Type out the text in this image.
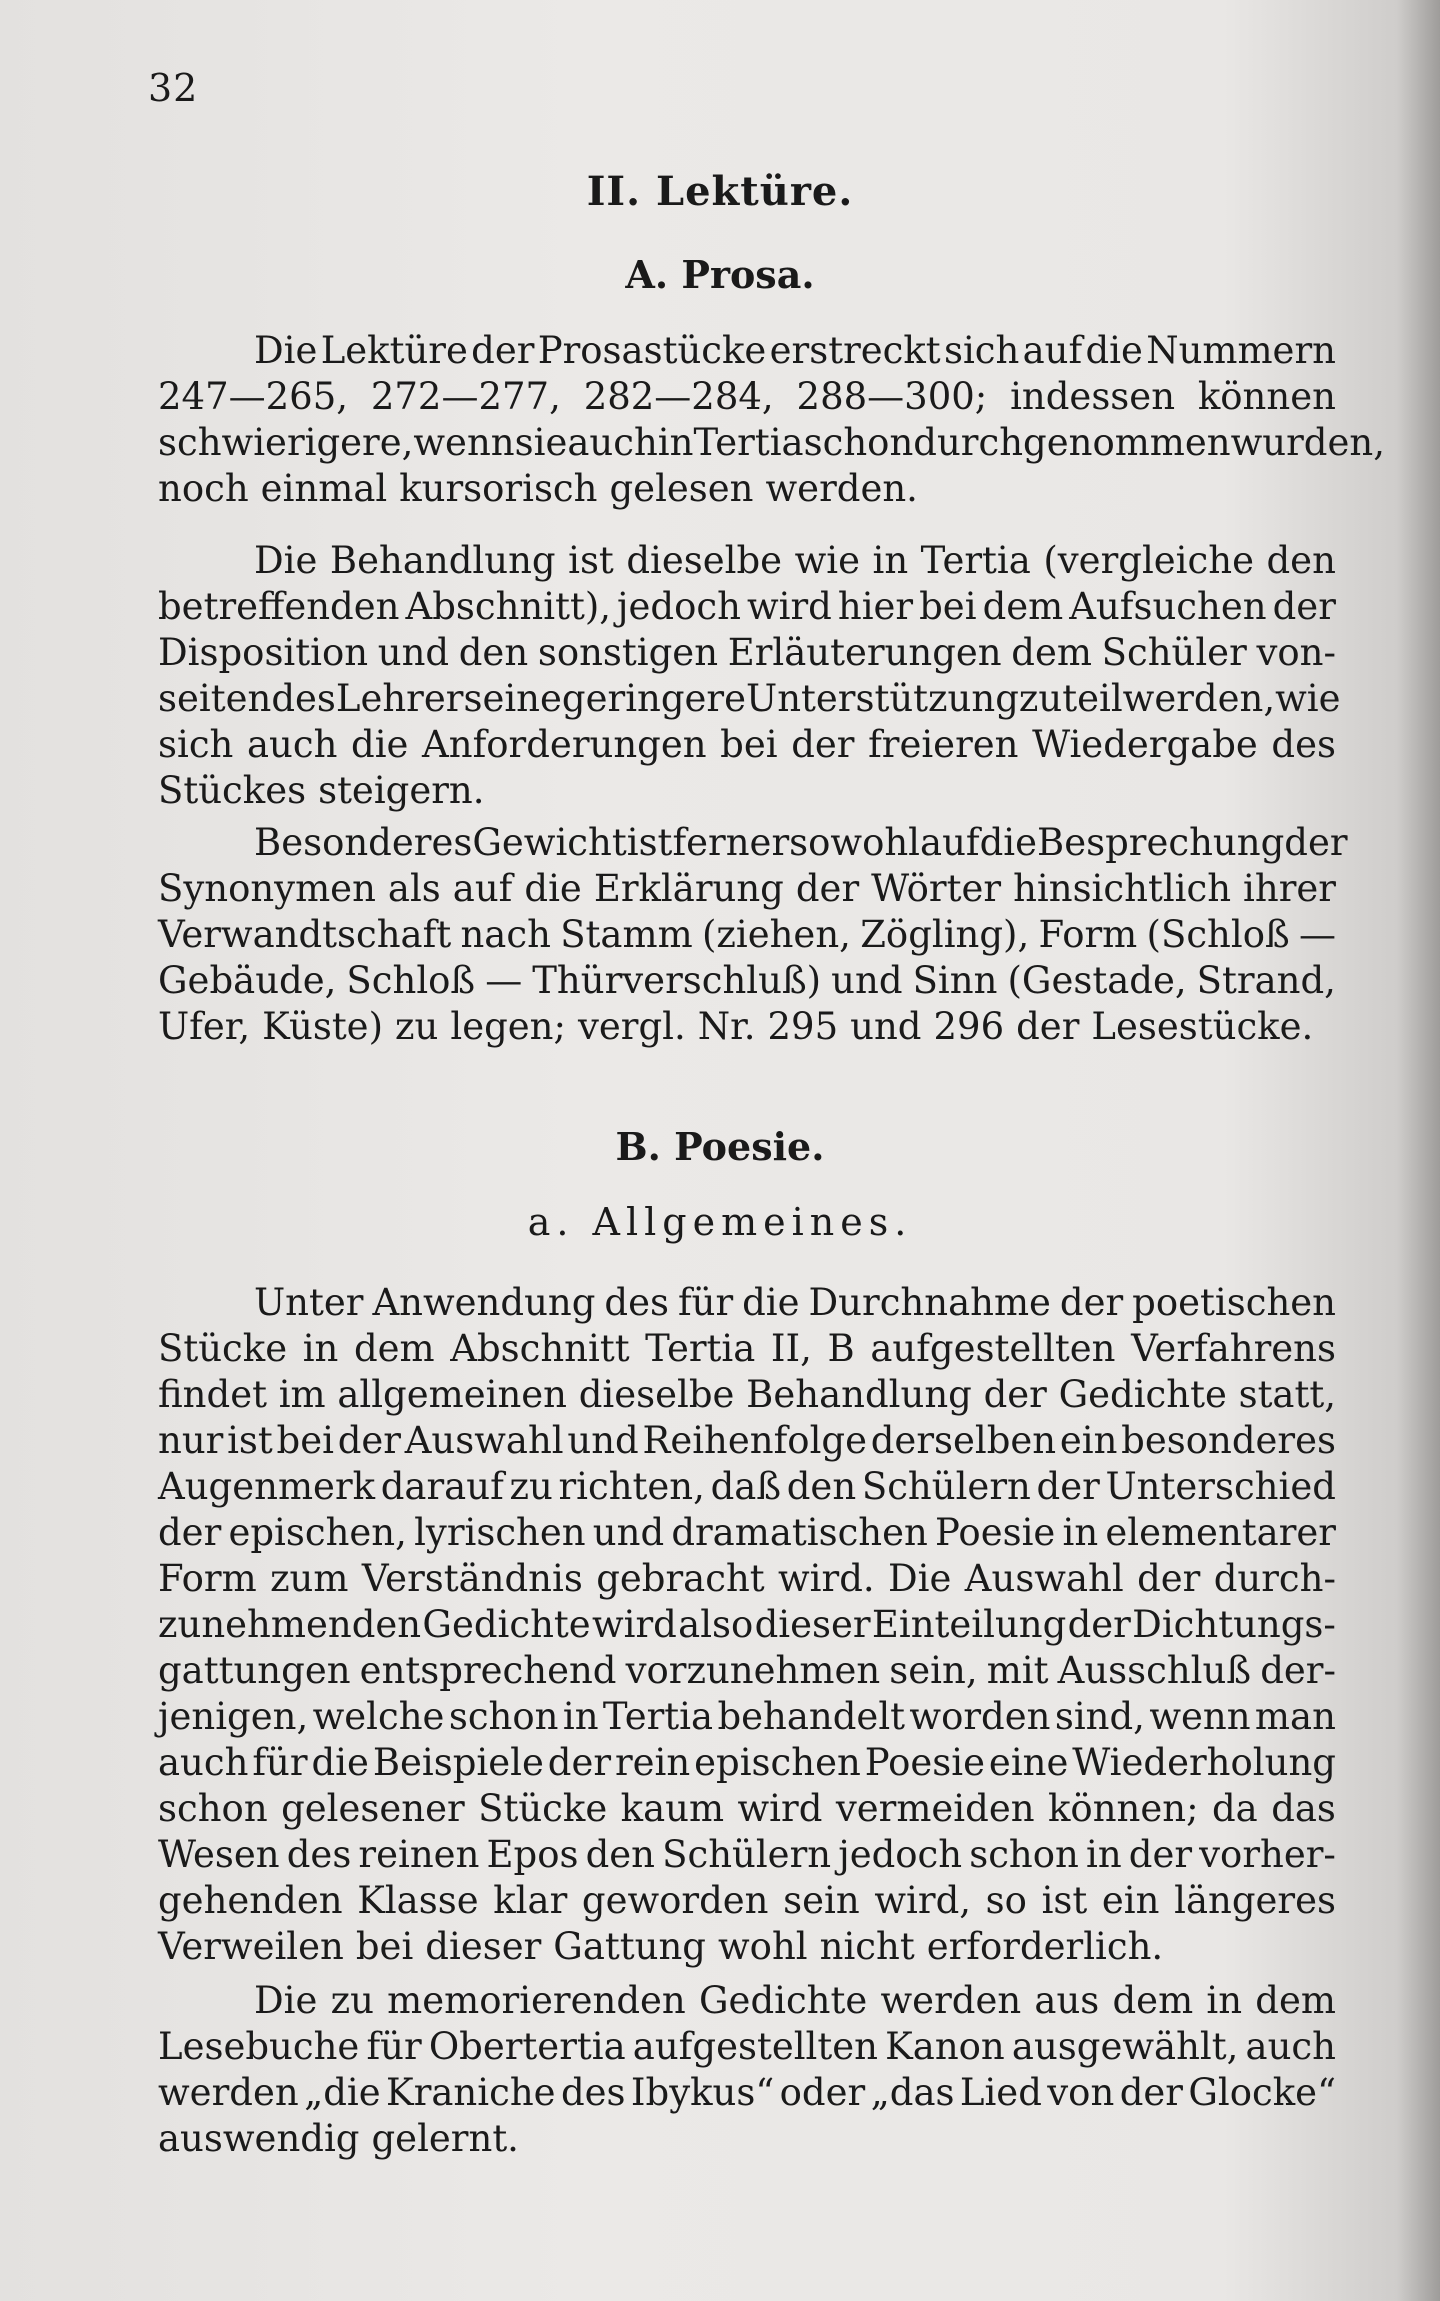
32
II. Lektüre.
A. Prosa.
Die Lektüre der Prosastücke erstreckt sich auf die Nummern
247—265, 272—277, 282—284, 288—300; indessen können
schwierigere, wenn sie auch in Tertia schon durchgenommen wurden,
noch einmal kursorisch gelesen werden.
Die Behandlung ist dieselbe wie in Tertia (vergleiche den
betreffenden Abschnitt), jedoch wird hier bei dem Aufsuchen der
Disposition und den sonstigen Erläuterungen dem Schüler von-
seiten des Lehrers eine geringere Unterstützung zuteil werden, wie
sich auch die Anforderungen bei der freieren Wiedergabe des
Stückes steigern.
Besonderes Gewicht ist ferner sowohl auf die Besprechung der
Synonymen als auf die Erklärung der Wörter hinsichtlich ihrer
Verwandtschaft nach Stamm (ziehen, Zögling), Form (Schloß —
Gebäude, Schloß — Thürverschluß) und Sinn (Gestade, Strand,
Ufer, Küste) zu legen; vergl. Nr. 295 und 296 der Lesestücke.
B. Poesie.
a. Allgemeines.
Unter Anwendung des für die Durchnahme der poetischen
Stücke in dem Abschnitt Tertia II, B aufgestellten Verfahrens
findet im allgemeinen dieselbe Behandlung der Gedichte statt,
nur ist bei der Auswahl und Reihenfolge derselben ein besonderes
Augenmerk darauf zu richten, daß den Schülern der Unterschied
der epischen, lyrischen und dramatischen Poesie in elementarer
Form zum Verständnis gebracht wird. Die Auswahl der durch-
zunehmenden Gedichte wird also dieser Einteilung der Dichtungs-
gattungen entsprechend vorzunehmen sein, mit Ausschluß der-
jenigen, welche schon in Tertia behandelt worden sind, wenn man
auch für die Beispiele der rein epischen Poesie eine Wiederholung
schon gelesener Stücke kaum wird vermeiden können; da das
Wesen des reinen Epos den Schülern jedoch schon in der vorher-
gehenden Klasse klar geworden sein wird, so ist ein längeres
Verweilen bei dieser Gattung wohl nicht erforderlich.
Die zu memorierenden Gedichte werden aus dem in dem
Lesebuche für Obertertia aufgestellten Kanon ausgewählt, auch
werden „die Kraniche des Ibykus“ oder „das Lied von der Glocke“
auswendig gelernt.
